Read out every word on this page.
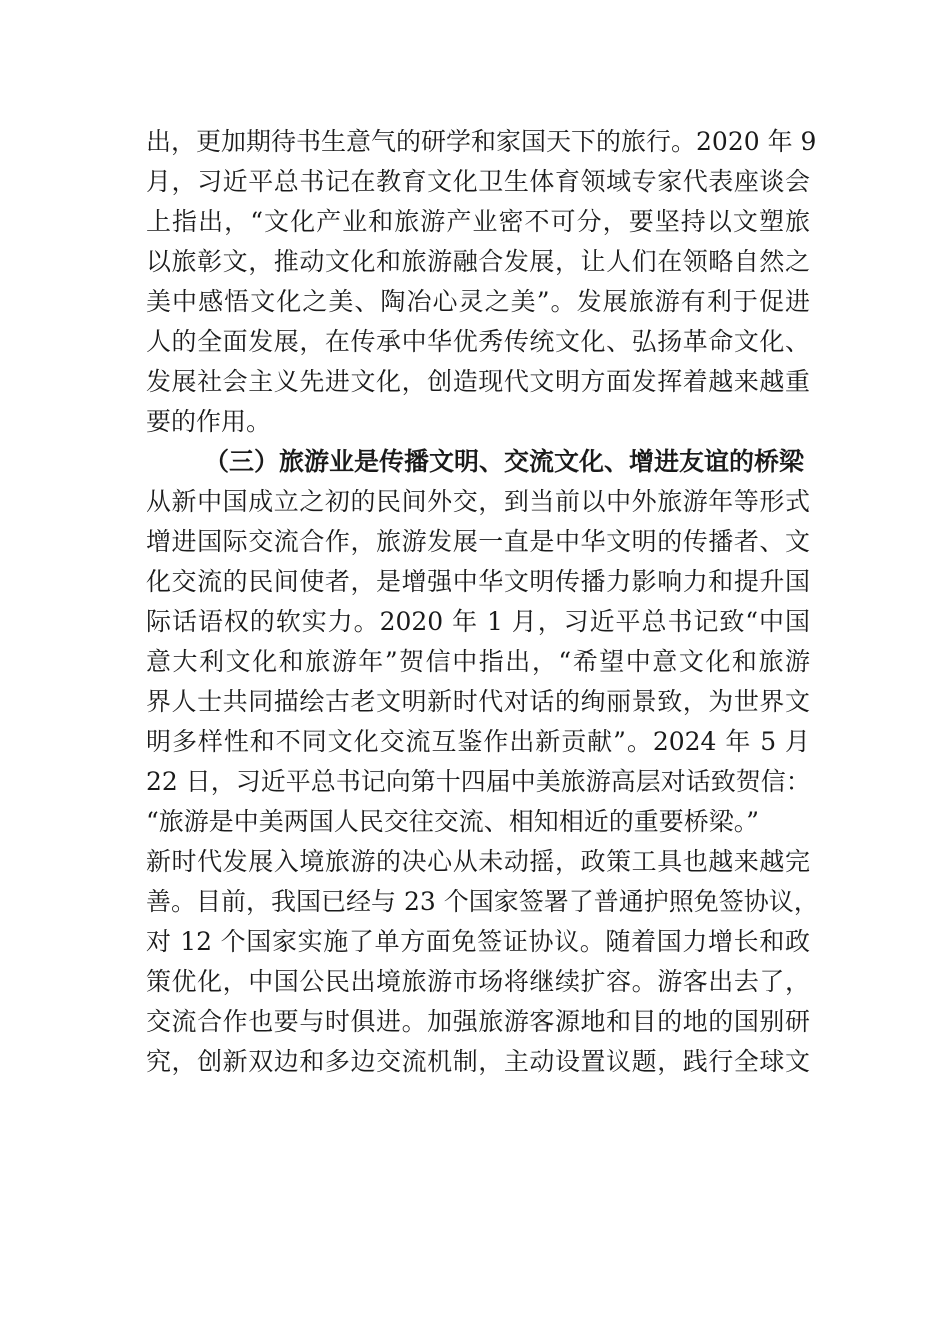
出，更加期待书生意气的研学和家国天下的旅行。2020 年 9
月，习近平总书记在教育文化卫生体育领域专家代表座谈会
上指出，“文化产业和旅游产业密不可分，要坚持以文塑旅
以旅彰文，推动文化和旅游融合发展，让人们在领略自然之
美中感悟文化之美、陶冶心灵之美”。发展旅游有利于促进
人的全面发展，在传承中华优秀传统文化、弘扬革命文化、
发展社会主义先进文化，创造现代文明方面发挥着越来越重
要的作用。
（三）旅游业是传播文明、交流文化、增进友谊的桥梁
从新中国成立之初的民间外交，到当前以中外旅游年等形式
增进国际交流合作，旅游发展一直是中华文明的传播者、文
化交流的民间使者，是增强中华文明传播力影响力和提升国
际话语权的软实力。2020 年 1 月，习近平总书记致“中国
意大利文化和旅游年”贺信中指出，“希望中意文化和旅游
界人士共同描绘古老文明新时代对话的绚丽景致，为世界文
明多样性和不同文化交流互鉴作出新贡献”。2024 年 5 月
22 日，习近平总书记向第十四届中美旅游高层对话致贺信：
“旅游是中美两国人民交往交流、相知相近的重要桥梁。”
新时代发展入境旅游的决心从未动摇，政策工具也越来越完
善。目前，我国已经与 23 个国家签署了普通护照免签协议，
对 12 个国家实施了单方面免签证协议。随着国力增长和政
策优化，中国公民出境旅游市场将继续扩容。游客出去了，
交流合作也要与时俱进。加强旅游客源地和目的地的国别研
究，创新双边和多边交流机制，主动设置议题，践行全球文
